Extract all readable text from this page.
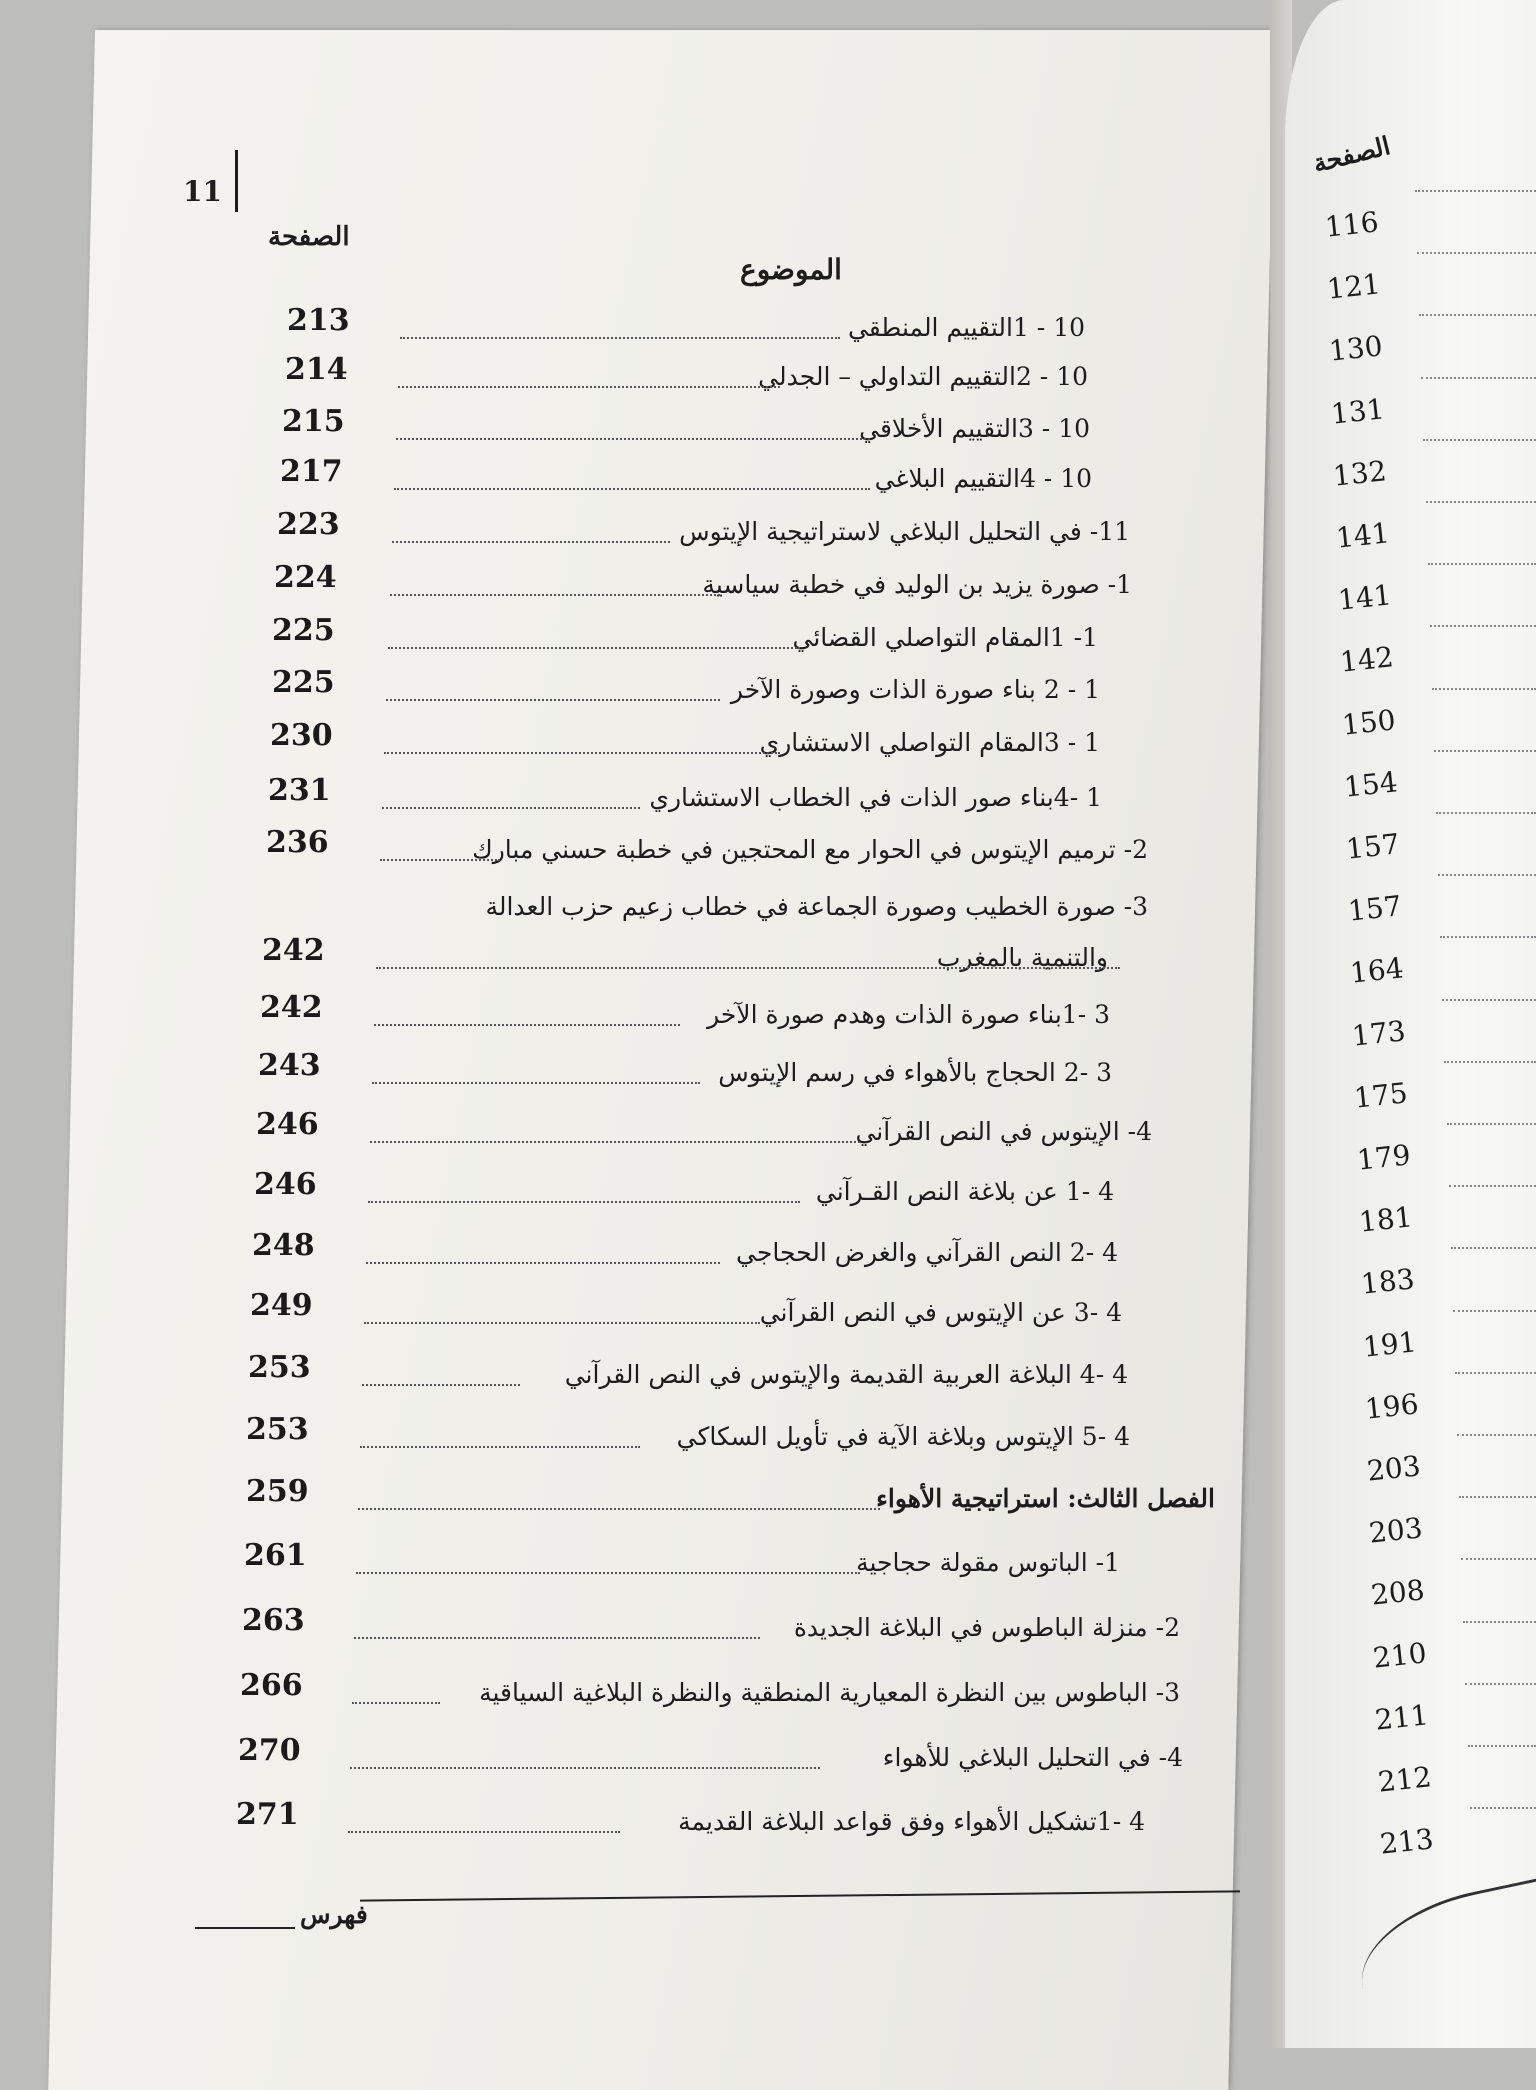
11
الصفحة
الموضوع
10 - 1التقييم المنطقي
213
10 - 2التقييم التداولي – الجدلي
214
10 - 3التقييم الأخلاقي
215
10 - 4التقييم البلاغي
217
11- في التحليل البلاغي لاستراتيجية الإيتوس
223
1- صورة يزيد بن الوليد في خطبة سياسية
224
1- 1المقام التواصلي القضائي
225
1 - 2 بناء صورة الذات وصورة الآخر
225
1 - 3المقام التواصلي الاستشاري
230
1 -4بناء صور الذات في الخطاب الاستشاري
231
2- ترميم الإيتوس في الحوار مع المحتجين في خطبة حسني مبارك
236
3- صورة الخطيب وصورة الجماعة في خطاب زعيم حزب العدالة
والتنمية بالمغرب
242
3 -1بناء صورة الذات وهدم صورة الآخر
242
3 -2 الحجاج بالأهواء في رسم الإيتوس
243
4- الإيتوس في النص القرآني
246
4 -1 عن بلاغة النص القـرآني
246
4 -2 النص القرآني والغرض الحجاجي
248
4 -3 عن الإيتوس في النص القرآني
249
4 -4 البلاغة العربية القديمة والإيتوس في النص القرآني
253
4 -5 الإيتوس وبلاغة الآية في تأويل السكاكي
253
الفصل الثالث: استراتيجية الأهواء
259
1- الباتوس مقولة حجاجية
261
2- منزلة الباطوس في البلاغة الجديدة
263
3- الباطوس بين النظرة المعيارية المنطقية والنظرة البلاغية السياقية
266
4- في التحليل البلاغي للأهواء
270
4 -1تشكيل الأهواء وفق قواعد البلاغة القديمة
271
فهرس
الصفحة
116
121
130
131
132
141
141
142
150
154
157
157
164
173
175
179
181
183
191
196
203
203
208
210
211
212
213
